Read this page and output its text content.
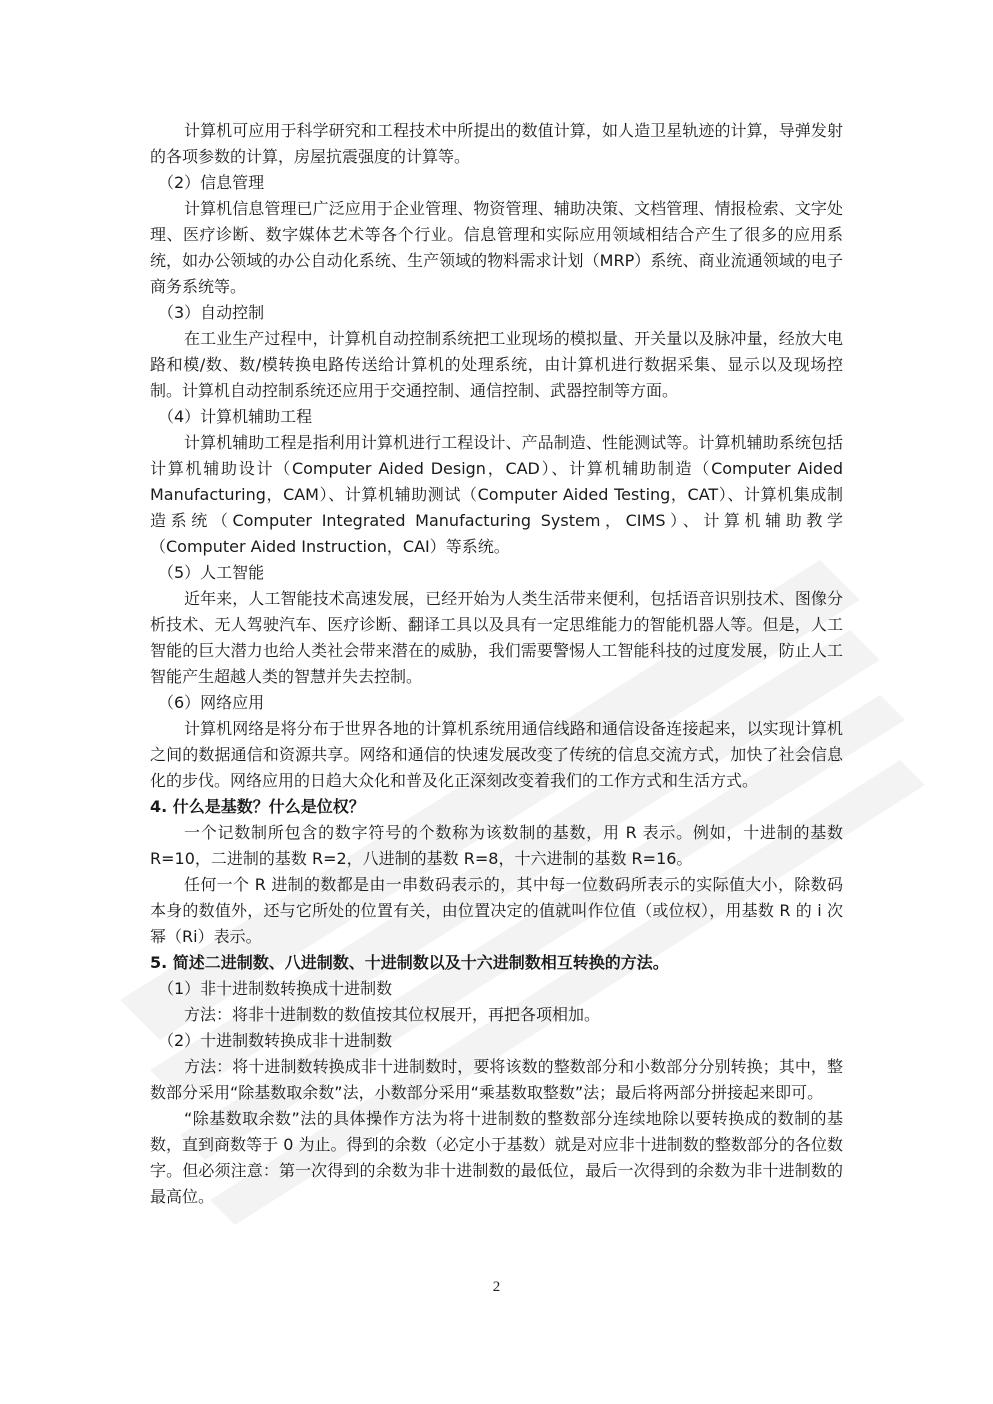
计算机可应用于科学研究和工程技术中所提出的数值计算，如人造卫星轨迹的计算，导弹发射的各项参数的计算，房屋抗震强度的计算等。

（2）信息管理

计算机信息管理已广泛应用于企业管理、物资管理、辅助决策、文档管理、情报检索、文字处理、医疗诊断、数字媒体艺术等各个行业。信息管理和实际应用领域相结合产生了很多的应用系统，如办公领域的办公自动化系统、生产领域的物料需求计划（MRP）系统、商业流通领域的电子商务系统等。

（3）自动控制

在工业生产过程中，计算机自动控制系统把工业现场的模拟量、开关量以及脉冲量，经放大电路和模/数、数/模转换电路传送给计算机的处理系统，由计算机进行数据采集、显示以及现场控制。计算机自动控制系统还应用于交通控制、通信控制、武器控制等方面。

（4）计算机辅助工程

计算机辅助工程是指利用计算机进行工程设计、产品制造、性能测试等。计算机辅助系统包括计算机辅助设计（Computer Aided Design，CAD）、计算机辅助制造（Computer Aided Manufacturing，CAM）、计算机辅助测试（Computer Aided Testing，CAT）、计算机集成制造系统（Computer Integrated Manufacturing System，CIMS）、计算机辅助教学（Computer Aided Instruction，CAI）等系统。

（5）人工智能

近年来，人工智能技术高速发展，已经开始为人类生活带来便利，包括语音识别技术、图像分析技术、无人驾驶汽车、医疗诊断、翻译工具以及具有一定思维能力的智能机器人等。但是，人工智能的巨大潜力也给人类社会带来潜在的威胁，我们需要警惕人工智能科技的过度发展，防止人工智能产生超越人类的智慧并失去控制。

（6）网络应用

计算机网络是将分布于世界各地的计算机系统用通信线路和通信设备连接起来，以实现计算机之间的数据通信和资源共享。网络和通信的快速发展改变了传统的信息交流方式，加快了社会信息化的步伐。网络应用的日趋大众化和普及化正深刻改变着我们的工作方式和生活方式。

4. 什么是基数？什么是位权？

一个记数制所包含的数字符号的个数称为该数制的基数，用 R 表示。例如，十进制的基数 R=10，二进制的基数 R=2，八进制的基数 R=8，十六进制的基数 R=16。

任何一个 R 进制的数都是由一串数码表示的，其中每一位数码所表示的实际值大小，除数码本身的数值外，还与它所处的位置有关，由位置决定的值就叫作位值（或位权），用基数 R 的 i 次幂（Ri）表示。

5. 简述二进制数、八进制数、十进制数以及十六进制数相互转换的方法。

（1）非十进制数转换成十进制数

方法：将非十进制数的数值按其位权展开，再把各项相加。

（2）十进制数转换成非十进制数

方法：将十进制数转换成非十进制数时，要将该数的整数部分和小数部分分别转换；其中，整数部分采用“除基数取余数”法，小数部分采用“乘基数取整数”法；最后将两部分拼接起来即可。

“除基数取余数”法的具体操作方法为将十进制数的整数部分连续地除以要转换成的数制的基数，直到商数等于 0 为止。得到的余数（必定小于基数）就是对应非十进制数的整数部分的各位数字。但必须注意：第一次得到的余数为非十进制数的最低位，最后一次得到的余数为非十进制数的最高位。

2
